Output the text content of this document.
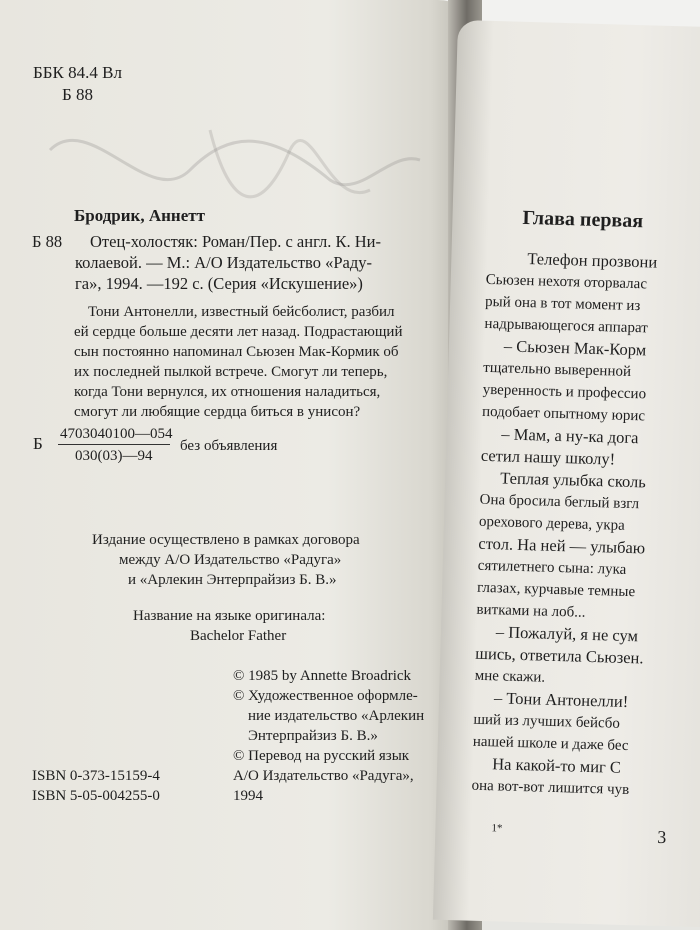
ББК 84.4 Вл
Б 88
Бродрик, Аннетт
Б 88 Отец-холостяк: Роман/Пер. с англ. К. Ни-
колаевой. — М.: А/О Издательство «Раду-
га», 1994. —192 с. (Серия «Искушение»)
Тони Антонелли, известный бейсболист, разбил
ей сердце больше десяти лет назад. Подрастающий
сын постоянно напоминал Сьюзен Мак-Кормик об
их последней пылкой встрече. Смогут ли теперь,
когда Тони вернулся, их отношения наладиться,
смогут ли любящие сердца биться в унисон?
Б 4703040100—054
030(03)—94
без объявления
Издание осуществлено в рамках договора
между А/О Издательство «Радуга»
и «Арлекин Энтерпрайзиз Б. В.»
Название на языке оригинала:
Bachelor Father
© 1985 by Annette Broadrick
© Художественное оформле-
ние издательство «Арлекин
Энтерпрайзиз Б. В.»
© Перевод на русский язык
А/О Издательство «Радуга»,
1994
ISBN 0-373-15159-4
ISBN 5-05-004255-0
Глава первая
Телефон прозвони
Сьюзен нехотя оторвалас
рый она в тот момент из
надрывающегося аппарат
– Сьюзен Мак-Корм
тщательно выверенной
уверенность и профессио
подобает опытному юрис
– Мам, а ну-ка дога
сетил нашу школу!
Теплая улыбка сколь
Она бросила беглый взгл
орехового дерева, укра
стол. На ней — улыбаю
сятилетнего сына: лука
глазах, курчавые темные
витками на лоб...
– Пожалуй, я не сум
шись, ответила Сьюзен.
мне скажи.
– Тони Антонелли!
ший из лучших бейсбо
нашей школе и даже бес
На какой-то миг С
она вот-вот лишится чув
1*	3
